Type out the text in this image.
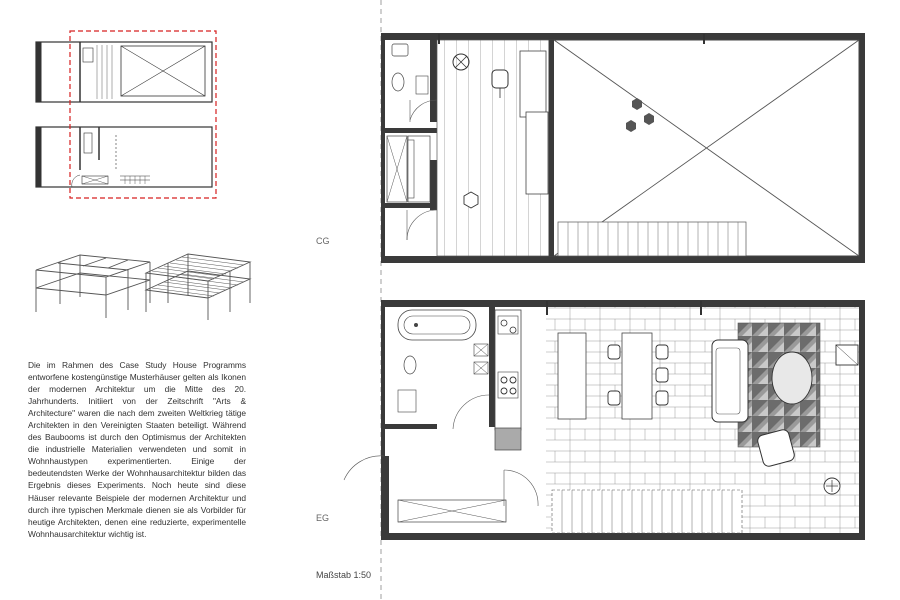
CG
EG
Maßstab 1:50
Die im Rahmen des Case Study House Programms entworfene kostengünstige Musterhäuser gelten als Ikonen der modernen Architektur um die Mitte des 20. Jahrhunderts. Initiiert von der Zeitschrift "Arts & Architecture" waren die nach dem zweiten Weltkrieg tätige Architekten in den Vereinigten Staaten beteiligt. Während des Baubooms ist durch den Optimismus der Architekten die industrielle Materialien verwendeten und somit in Wohnhaustypen experimentierten. Einige der bedeutendsten Werke der Wohnhausarchitektur bilden das Ergebnis dieses Experiments. Noch heute sind diese Häuser relevante Beispiele der modernen Architektur und durch ihre typischen Merkmale dienen sie als Vorbilder für heutige Architekten, denen eine reduzierte, experimentelle Wohnhausarchitektur wichtig ist.
